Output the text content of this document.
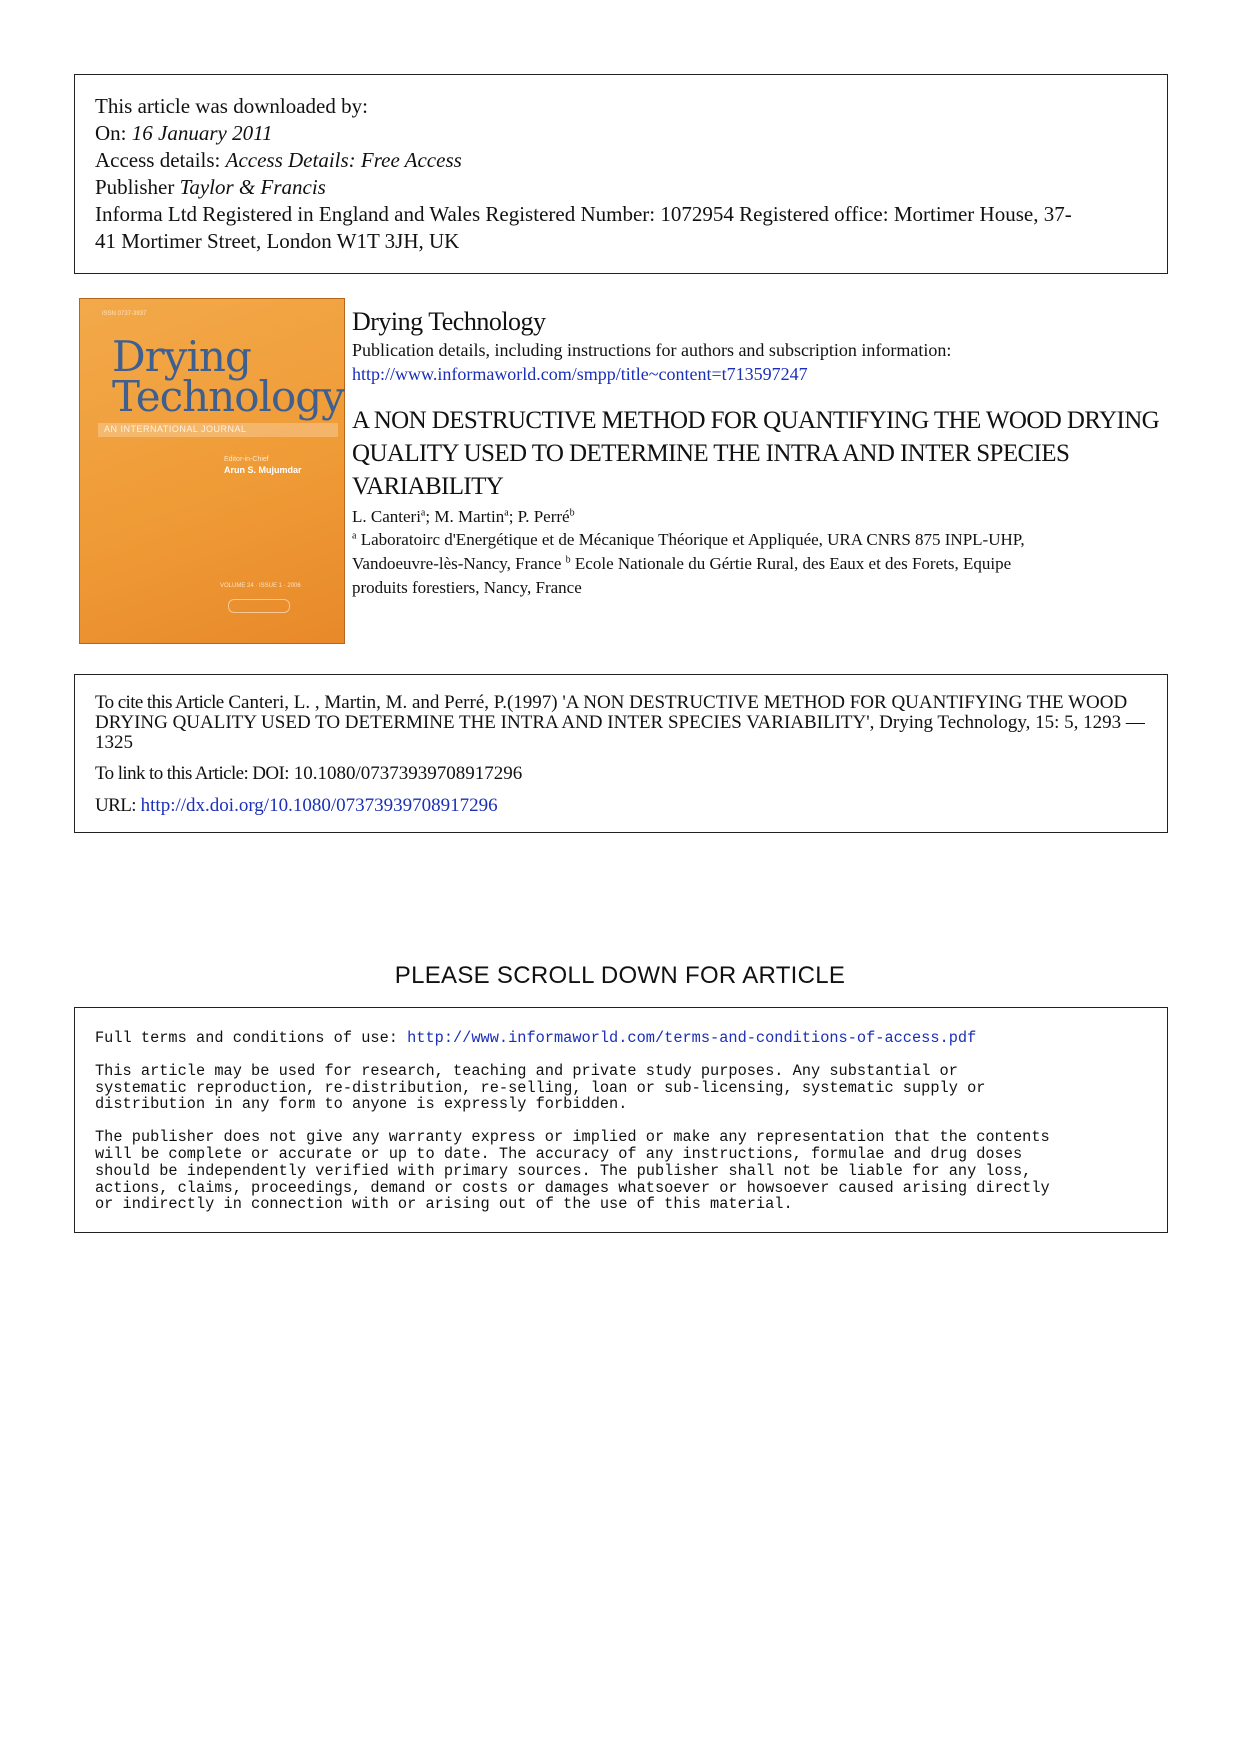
This article was downloaded by:
On: 16 January 2011
Access details: Access Details: Free Access
Publisher Taylor & Francis
Informa Ltd Registered in England and Wales Registered Number: 1072954 Registered office: Mortimer House, 37-
41 Mortimer Street, London W1T 3JH, UK
ISSN 0737-3937
Drying
Technology
AN INTERNATIONAL JOURNAL
Editor-in-Chief
Arun S. Mujumdar
VOLUME 24 · ISSUE 1 · 2006
Drying Technology
Publication details, including instructions for authors and subscription information:
http://www.informaworld.com/smpp/title~content=t713597247
A NON DESTRUCTIVE METHOD FOR QUANTIFYING THE WOOD DRYING QUALITY USED TO DETERMINE THE INTRA AND INTER SPECIES VARIABILITY
L. Canteri$^a$; M. Martin$^a$; P. Perré$^b$
$^a$ Laboratoirc d'Energétique et de Mécanique Théorique et Appliquée, URA CNRS 875 INPL-UHP,
Vandoeuvre-lès-Nancy, France $^b$ Ecole Nationale du Gértie Rural, des Eaux et des Forets, Equipe
produits forestiers, Nancy, France
To cite this Article Canteri, L. , Martin, M. and Perré, P.(1997) 'A NON DESTRUCTIVE METHOD FOR QUANTIFYING THE WOOD DRYING QUALITY USED TO DETERMINE THE INTRA AND INTER SPECIES VARIABILITY', Drying Technology, 15: 5, 1293 — 1325
To link to this Article: DOI: 10.1080/07373939708917296
URL: http://dx.doi.org/10.1080/07373939708917296
PLEASE SCROLL DOWN FOR ARTICLE

Full terms and conditions of use: http://www.informaworld.com/terms-and-conditions-of-access.pdf

This article may be used for research, teaching and private study purposes. Any substantial or
systematic reproduction, re-distribution, re-selling, loan or sub-licensing, systematic supply or
distribution in any form to anyone is expressly forbidden.

The publisher does not give any warranty express or implied or make any representation that the contents
will be complete or accurate or up to date. The accuracy of any instructions, formulae and drug doses
should be independently verified with primary sources. The publisher shall not be liable for any loss,
actions, claims, proceedings, demand or costs or damages whatsoever or howsoever caused arising directly
or indirectly in connection with or arising out of the use of this material.
